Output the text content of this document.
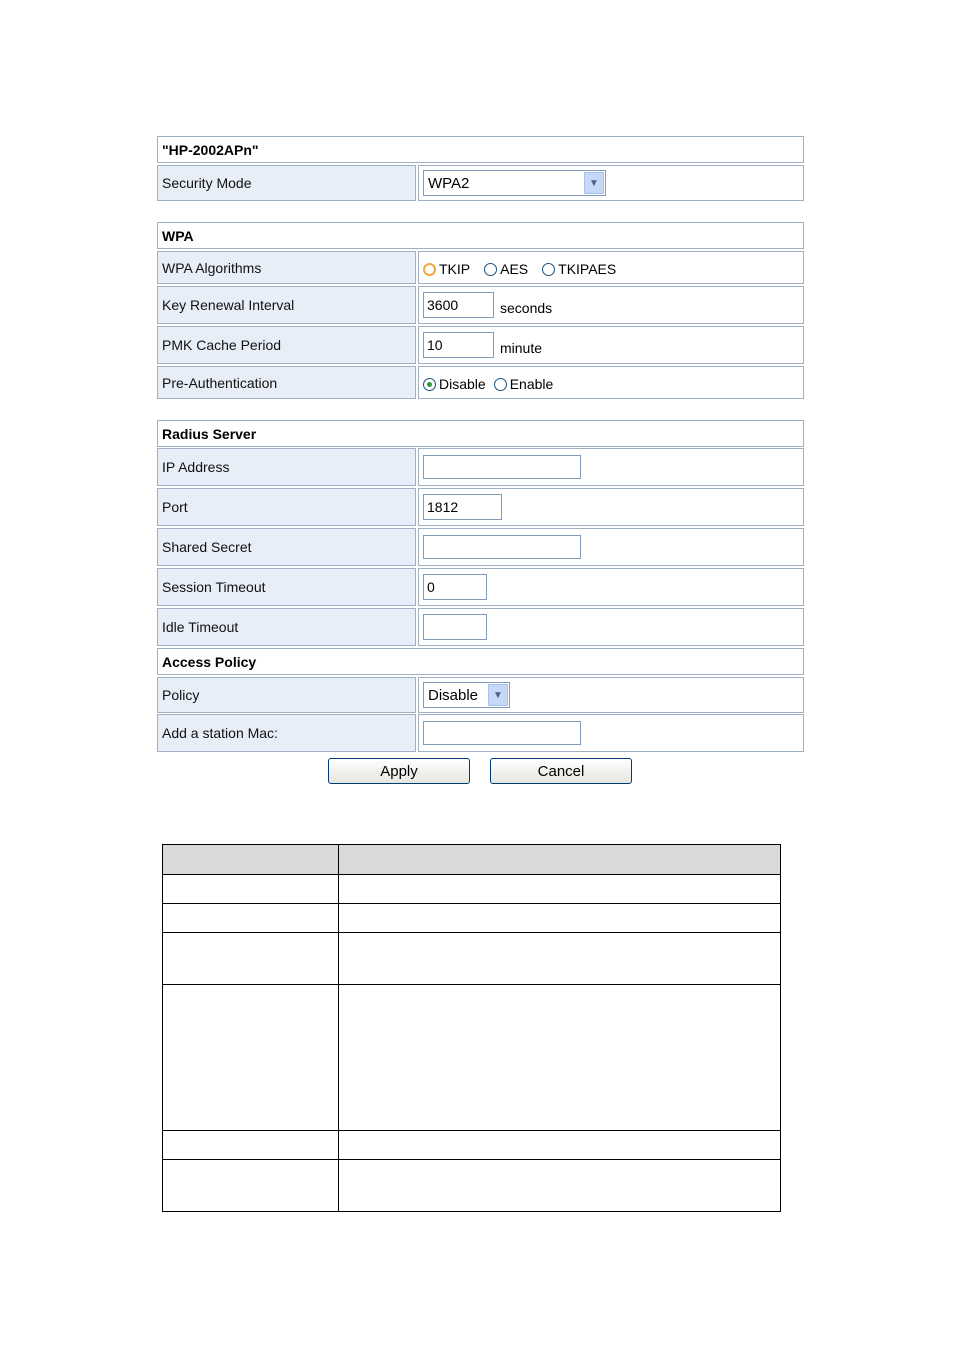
"HP-2002APn"
Security Mode	WPA2	▼
WPA
WPA Algorithms	TKIP AES TKIPAES
Key Renewal Interval	3600	seconds
PMK Cache Period	10	minute
Pre-Authentication	Disable Enable
Radius Server
IP Address
Port	1812
Shared Secret
Session Timeout	0
Idle Timeout
Access Policy
Policy	Disable	▼
Add a station Mac:
Apply	Cancel
